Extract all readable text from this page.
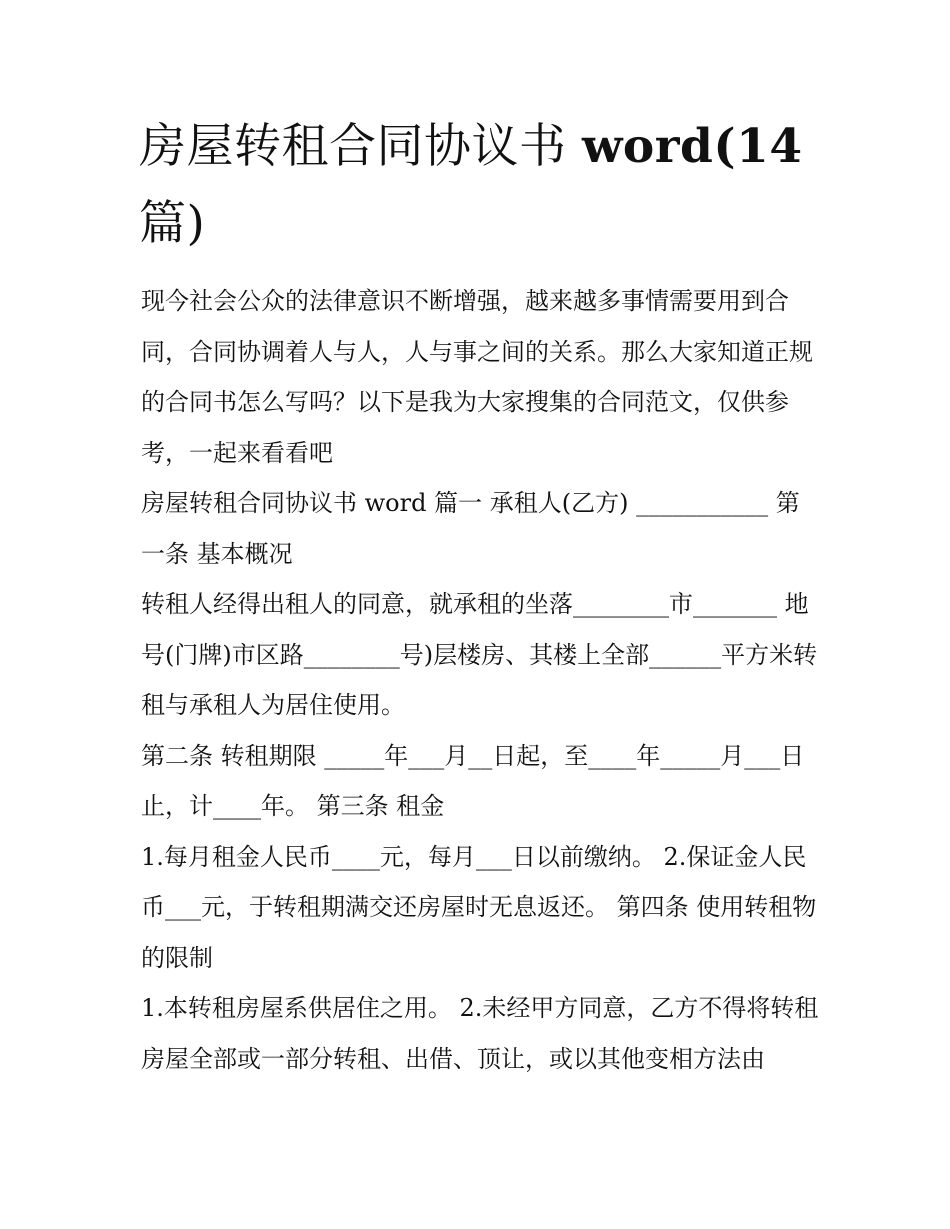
房屋转租合同协议书 word(14
篇)

现今社会公众的法律意识不断增强，越来越多事情需要用到合同，合同协调着人与人，人与事之间的关系。那么大家知道正规的合同书怎么写吗？以下是我为大家搜集的合同范文，仅供参考，一起来看看吧

房屋转租合同协议书 word 篇一 承租人(乙方) ___________ 第一条 基本概况

转租人经得出租人的同意，就承租的坐落________市_______ 地号(门牌)市区路________号)层楼房、其楼上全部______平方米转租与承租人为居住使用。

第二条 转租期限 _____年___月__日起，至____年_____月___日止，计____年。 第三条 租金

1.每月租金人民币____元，每月___日以前缴纳。 2.保证金人民币___元，于转租期满交还房屋时无息返还。 第四条 使用转租物的限制

1.本转租房屋系供居住之用。 2.未经甲方同意，乙方不得将转租房屋全部或一部分转租、出借、顶让，或以其他变相方法由
